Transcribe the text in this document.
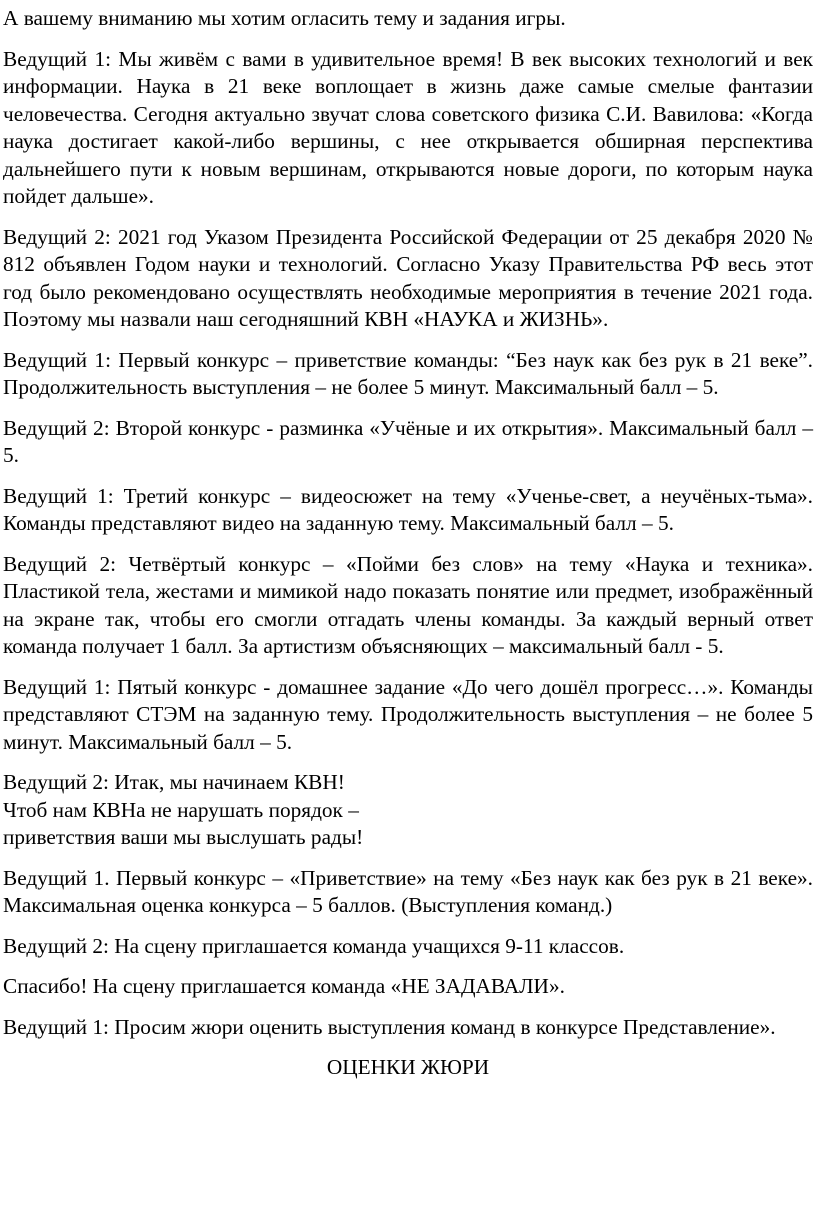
А вашему вниманию мы хотим огласить тему и задания игры.

Ведущий 1: Мы живём с вами в удивительное время! В век высоких технологий и век информации. Наука в 21 веке воплощает в жизнь даже самые смелые фантазии человечества. Сегодня актуально звучат слова советского физика С.И. Вавилова: «Когда наука достигает какой-либо вершины, с нее открывается обширная перспектива дальнейшего пути к новым вершинам, открываются новые дороги, по которым наука пойдет дальше».

Ведущий 2: 2021 год Указом Президента Российской Федерации от 25 декабря 2020 № 812 объявлен Годом науки и технологий. Согласно Указу Правительства РФ весь этот год было рекомендовано осуществлять необходимые мероприятия в течение 2021 года. Поэтому мы назвали наш сегодняшний КВН «НАУКА и ЖИЗНЬ».

Ведущий 1: Первый конкурс – приветствие команды: “Без наук как без рук в 21 веке”. Продолжительность выступления – не более 5 минут. Максимальный балл – 5.

Ведущий 2: Второй конкурс - разминка «Учёные и их открытия». Максимальный балл – 5.

Ведущий 1: Третий конкурс – видеосюжет на тему «Ученье-свет, а неучёных-тьма». Команды представляют видео на заданную тему. Максимальный балл – 5.

Ведущий 2: Четвёртый конкурс – «Пойми без слов» на тему «Наука и техника». Пластикой тела, жестами и мимикой надо показать понятие или предмет, изображённый на экране так, чтобы его смогли отгадать члены команды. За каждый верный ответ команда получает 1 балл. За артистизм объясняющих – максимальный балл - 5.

Ведущий 1: Пятый конкурс - домашнее задание «До чего дошёл прогресс…». Команды представляют СТЭМ на заданную тему. Продолжительность выступления – не более 5 минут. Максимальный балл – 5.

Ведущий 2: Итак, мы начинаем КВН!
Чтоб нам КВНа не нарушать порядок –
приветствия ваши мы выслушать рады!

Ведущий 1. Первый конкурс – «Приветствие» на тему «Без наук как без рук в 21 веке». Максимальная оценка конкурса – 5 баллов. (Выступления команд.)

Ведущий 2: На сцену приглашается команда учащихся 9-11 классов.

Спасибо! На сцену приглашается команда «НЕ ЗАДАВАЛИ».

Ведущий 1: Просим жюри оценить выступления команд в конкурсе Представление».

ОЦЕНКИ ЖЮРИ
